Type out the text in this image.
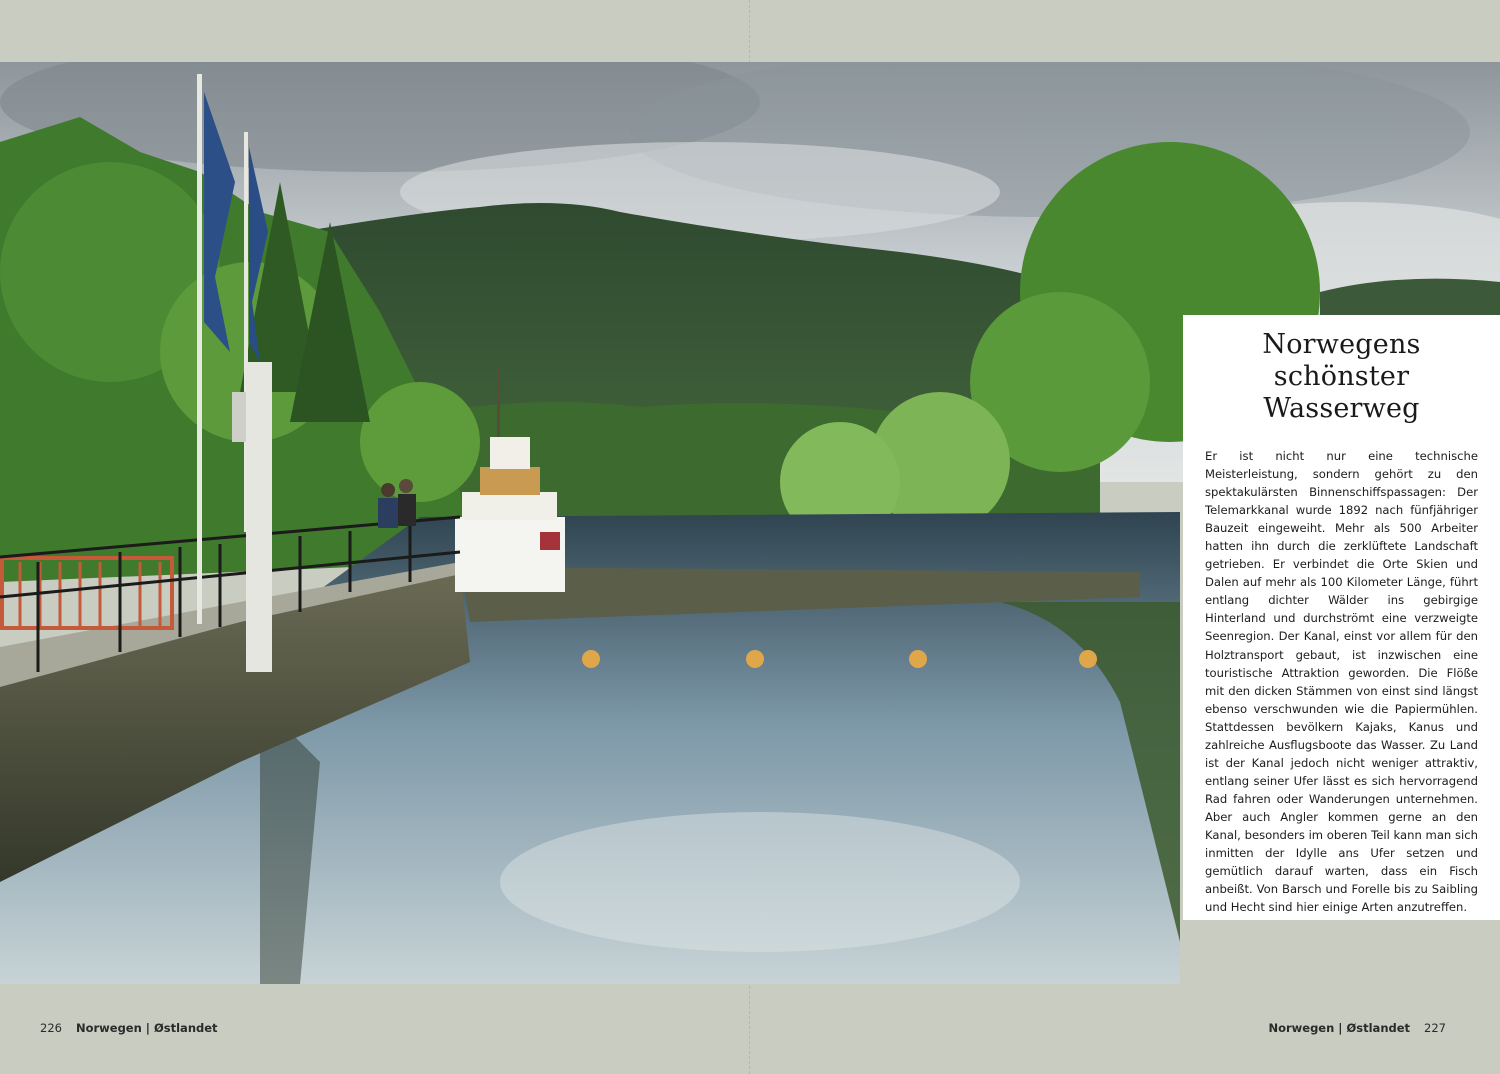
Norwegens
schönster
Wasserweg

Er ist nicht nur eine technische Meisterleistung, sondern gehört zu den spektakulärsten Binnenschiffspassagen: Der Telemarkkanal wurde 1892 nach fünfjähriger Bauzeit eingeweiht. Mehr als 500 Arbeiter hatten ihn durch die zerklüftete Landschaft getrieben. Er verbindet die Orte Skien und Dalen auf mehr als 100 Kilometer Länge, führt entlang dichter Wälder ins gebirgige Hinterland und durchströmt eine verzweigte Seenregion. Der Kanal, einst vor allem für den Holztransport gebaut, ist inzwischen eine touristische Attraktion geworden. Die Flöße mit den dicken Stämmen von einst sind längst ebenso verschwunden wie die Papiermühlen. Stattdessen bevölkern Kajaks, Kanus und zahlreiche Ausflugsboote das Wasser. Zu Land ist der Kanal jedoch nicht weniger attraktiv, entlang seiner Ufer lässt es sich hervorragend Rad fahren oder Wanderungen unternehmen. Aber auch Angler kommen gerne an den Kanal, besonders im oberen Teil kann man sich inmitten der Idylle ans Ufer setzen und gemütlich darauf warten, dass ein Fisch anbeißt. Von Barsch und Forelle bis zu Saibling und Hecht sind hier einige Arten anzutreffen.

226 Norwegen | Østlandet	Norwegen | Østlandet 227
